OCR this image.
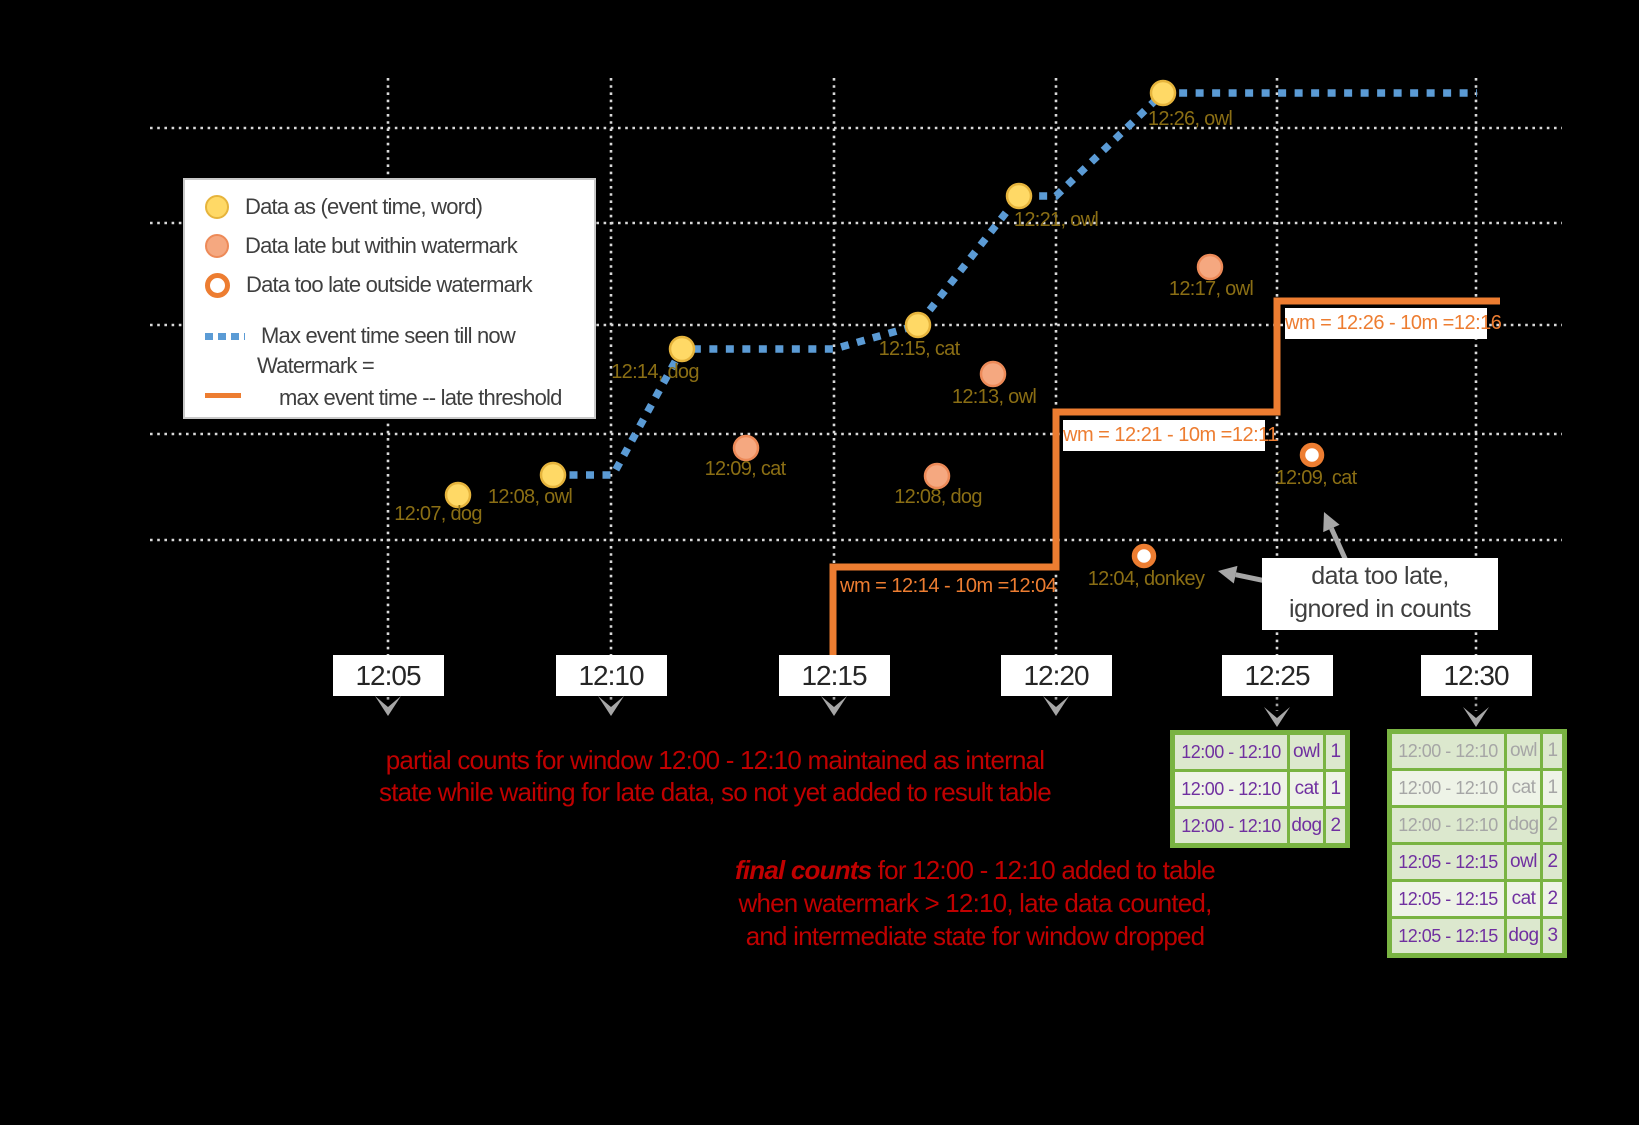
12:07, dog
12:08, owl
12:14, dog
12:15, cat
12:21, owl
12:26, owl
12:09, cat
12:08, dog
12:13, owl
12:17, owl
12:04, donkey
12:09, cat
Data as (event time, word)
Data late but within watermark
Data too late outside watermark
Max event time seen till now
Watermark =
max event time -- late threshold
wm = 12:14 - 10m =12:04
wm = 12:21 - 10m =12:11
wm = 12:26 - 10m =12:16
data too late,
ignored in counts
partial counts for window 12:00 - 12:10 maintained as internal
state while waiting for late data, so not yet added to result table
final counts for 12:00 - 12:10 added to table
when watermark > 12:10, late data counted,
and intermediate state for window dropped
12:05	12:10	12:15	12:20	12:25	12:30
12:00 - 12:10	owl	1
12:00 - 12:10	cat	1
12:00 - 12:10	dog	2
12:00 - 12:10	owl	1
12:00 - 12:10	cat	1
12:00 - 12:10	dog	2
12:05 - 12:15	owl	2
12:05 - 12:15	cat	2
12:05 - 12:15	dog	3
